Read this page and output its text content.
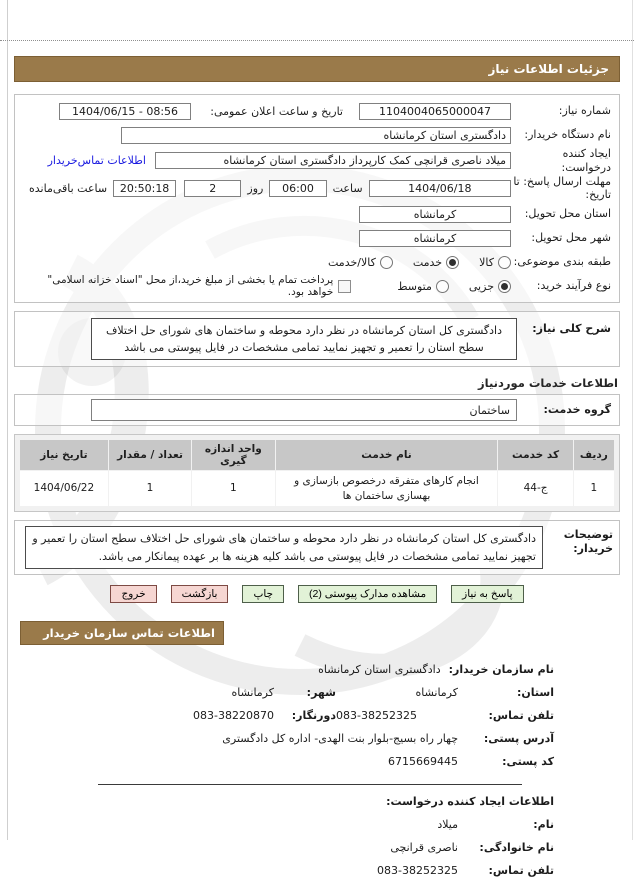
جزئیات اطلاعات نیاز
شماره نیاز:
1104004065000047
تاریخ و ساعت اعلان عمومی:
1404/06/15 - 08:56
نام دستگاه خریدار:
دادگستری استان کرمانشاه
ایجاد کننده درخواست:
میلاد ناصری قرانچی کمک کارپرداز دادگستری استان کرمانشاه
اطلاعات تماس‌خریدار
مهلت ارسال پاسخ: تا تاریخ:
1404/06/18
ساعت
06:00
روز
2
20:50:18
ساعت باقی‌مانده
استان محل تحویل:
کرمانشاه
شهر محل تحویل:
کرمانشاه
طبقه بندی موضوعی:
کالا
خدمت
کالا/خدمت
نوع فرآیند خرید:
جزیی
متوسط
پرداخت تمام یا بخشی از مبلغ خرید،از محل "اسناد خزانه اسلامی" خواهد بود.
شرح کلی نیاز:
دادگستری کل استان کرمانشاه در نظر دارد محوطه و ساختمان های شورای حل اختلاف سطح استان را تعمیر و تجهیز نمایید تمامی مشخصات در فایل پیوستی می باشد
اطلاعات خدمات موردنیاز
گروه خدمت:
ساختمان
ردیف	کد خدمت	نام خدمت	واحد اندازه گیری	تعداد / مقدار	تاریخ نیاز
1	ج-44	انجام کارهای متفرقه درخصوص بازسازی و بهسازی ساختمان ها	1	1	1404/06/22
توضیحات خریدار:
دادگستری کل استان کرمانشاه در نظر دارد محوطه و ساختمان های شورای حل اختلاف سطح استان را تعمیر و تجهیز نمایید تمامی مشخصات در فایل پیوستی می باشد کلیه هزینه ها بر عهده پیمانکار می باشد.
پاسخ به نیاز
مشاهده مدارک پیوستی (2)
چاپ
بازگشت
خروج
اطلاعات تماس سازمان خریدار
نام سازمان خریدار:
دادگستری استان کرمانشاه
استان:
کرمانشاه
شهر:
کرمانشاه
تلفن تماس:
083-38252325
دورنگار:
083-38220870
آدرس پستی:
چهار راه بسیج-بلوار بنت الهدی- اداره کل دادگستری
کد پستی:
6715669445
اطلاعات ایجاد کننده درخواست:
نام:
میلاد
نام خانوادگی:
ناصری قرانچی
تلفن تماس:
083-38252325
